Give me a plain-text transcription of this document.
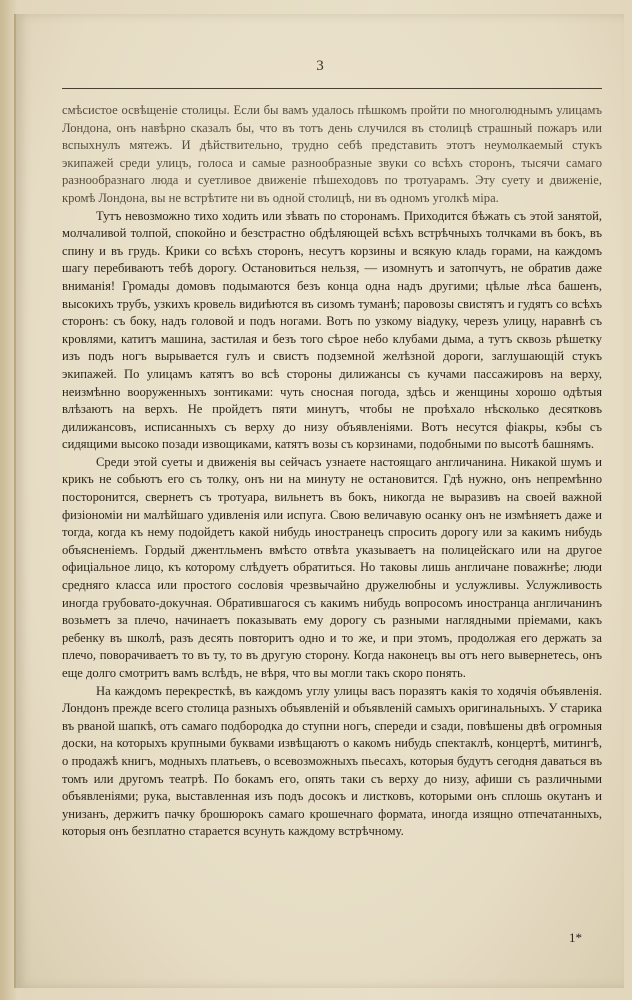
3

смѣсистое освѣщеніе столицы. Если бы вамъ удалось пѣшкомъ пройти по многолюднымъ улицамъ Лондона, онъ навѣрно сказалъ бы, что въ тотъ день случился въ столицѣ страшный пожаръ или вспыхнулъ мятежъ. И дѣйствительно, трудно себѣ представить этотъ неумолкаемый стукъ экипажей среди улицъ, голоса и самые разнообразные звуки со всѣхъ сторонъ, тысячи самаго разнообразнаго люда и суетливое движеніе пѣшеходовъ по тротуарамъ. Эту суету и движеніе, кромѣ Лондона, вы не встрѣтите ни въ одной столицѣ, ни въ одномъ уголкѣ міра.

Тутъ невозможно тихо ходить или зѣвать по сторонамъ. Приходится бѣжать съ этой занятой, молчаливой толпой, спокойно и безстрастно обдѣляющей всѣхъ встрѣчныхъ толчками въ бокъ, въ спину и въ грудь. Крики со всѣхъ сторонъ, несутъ корзины и всякую кладь горами, на каждомъ шагу перебиваютъ тебѣ дорогу. Остановиться нельзя, — изомнутъ и затопчутъ, не обратив даже вниманія! Громады домовъ подымаются безъ конца одна надъ другими; цѣлые лѣса башенъ, высокихъ трубъ, узкихъ кровель видиѣются въ сизомъ туманѣ; паровозы свистятъ и гудятъ со всѣхъ сторонъ: съ боку, надъ головой и подъ ногами. Вотъ по узкому віадуку, черезъ улицу, наравнѣ съ кровлями, катитъ машина, застилая и безъ того сѣрое небо клубами дыма, а тутъ сквозь рѣшетку изъ подъ ногъ вырывается гулъ и свистъ подземной желѣзной дороги, заглушающій стукъ экипажей. По улицамъ катятъ во всѣ стороны дилижансы съ кучами пассажировъ на верху, неизмѣнно вооруженныхъ зонтиками: чуть сносная погода, здѣсь и женщины хорошо одѣтыя влѣзаютъ на верхъ. Не пройдетъ пяти минутъ, чтобы не проѣхало нѣсколько десятковъ дилижансовъ, исписанныхъ съ верху до низу объявленіями. Вотъ несутся фіакры, кэбы съ сидящими высоко позади извощиками, катятъ возы съ корзинами, подобными по высотѣ башнямъ.

Среди этой суеты и движенія вы сейчасъ узнаете настоящаго англичанина. Никакой шумъ и крикъ не собьютъ его съ толку, онъ ни на минуту не остановится. Гдѣ нужно, онъ непремѣнно посторонится, свернетъ съ тротуара, вильнетъ въ бокъ, никогда не выразивъ на своей важной физіономіи ни малѣйшаго удивленія или испуга. Свою величавую осанку онъ не измѣняетъ даже и тогда, когда къ нему подойдетъ какой нибудь иностранецъ спросить дорогу или за какимъ нибудь объясненіемъ. Гордый джентльменъ вмѣсто отвѣта указываетъ на полицейскаго или на другое офиціальное лицо, къ которому слѣдуетъ обратиться. Но таковы лишь англичане поважнѣе; люди средняго класса или простого сословія чрезвычайно дружелюбны и услужливы. Услужливость иногда грубовато-докучная. Обратившагося съ какимъ нибудь вопросомъ иностранца англичанинъ возьметъ за плечо, начинаетъ показывать ему дорогу съ разными наглядными пріемами, какъ ребенку въ школѣ, разъ десять повторитъ одно и то же, и при этомъ, продолжая его держать за плечо, поворачиваетъ то въ ту, то въ другую сторону. Когда наконецъ вы отъ него вывернетесь, онъ еще долго смотритъ вамъ вслѣдъ, не вѣря, что вы могли такъ скоро понять.

На каждомъ перекресткѣ, въ каждомъ углу улицы васъ поразятъ какія то ходячія объявленія. Лондонъ прежде всего столица разныхъ объявленій и объявленій самыхъ оригинальныхъ. У старика въ рваной шапкѣ, отъ самаго подбородка до ступни ногъ, спереди и сзади, повѣшены двѣ огромныя доски, на которыхъ крупными буквами извѣщаютъ о какомъ нибудь спектаклѣ, концертѣ, митингѣ, о продажѣ книгъ, модныхъ платьевъ, о всевозможныхъ пьесахъ, которыя будутъ сегодня даваться въ томъ или другомъ театрѣ. По бокамъ его, опять таки съ верху до низу, афиши съ различными объявленіями; рука, выставленная изъ подъ досокъ и листковъ, которыми онъ сплошь окутанъ и унизанъ, держитъ пачку брошюрокъ самаго крошечнаго формата, иногда изящно отпечатанныхъ, которыя онъ безплатно старается всунуть каждому встрѣчному.

1*
